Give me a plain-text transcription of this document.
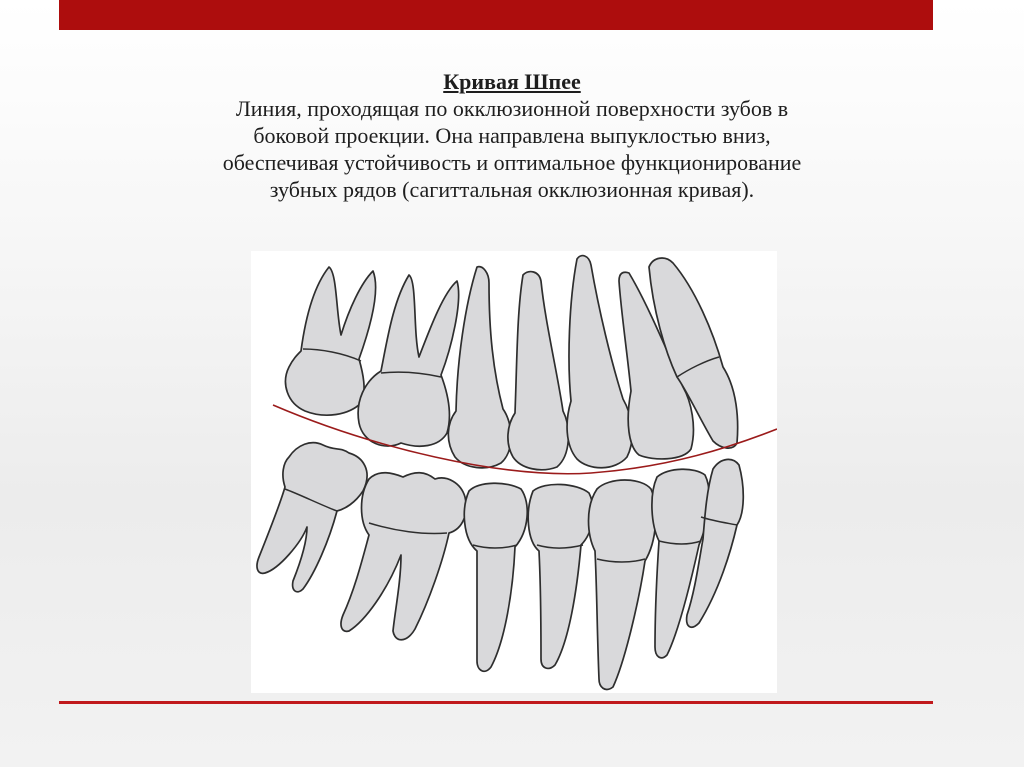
Кривая Шпее
Линия, проходящая по окклюзионной поверхности зубов в
боковой проекции. Она направлена выпуклостью вниз,
обеспечивая устойчивость и оптимальное функционирование
зубных рядов (сагиттальная окклюзионная кривая).
